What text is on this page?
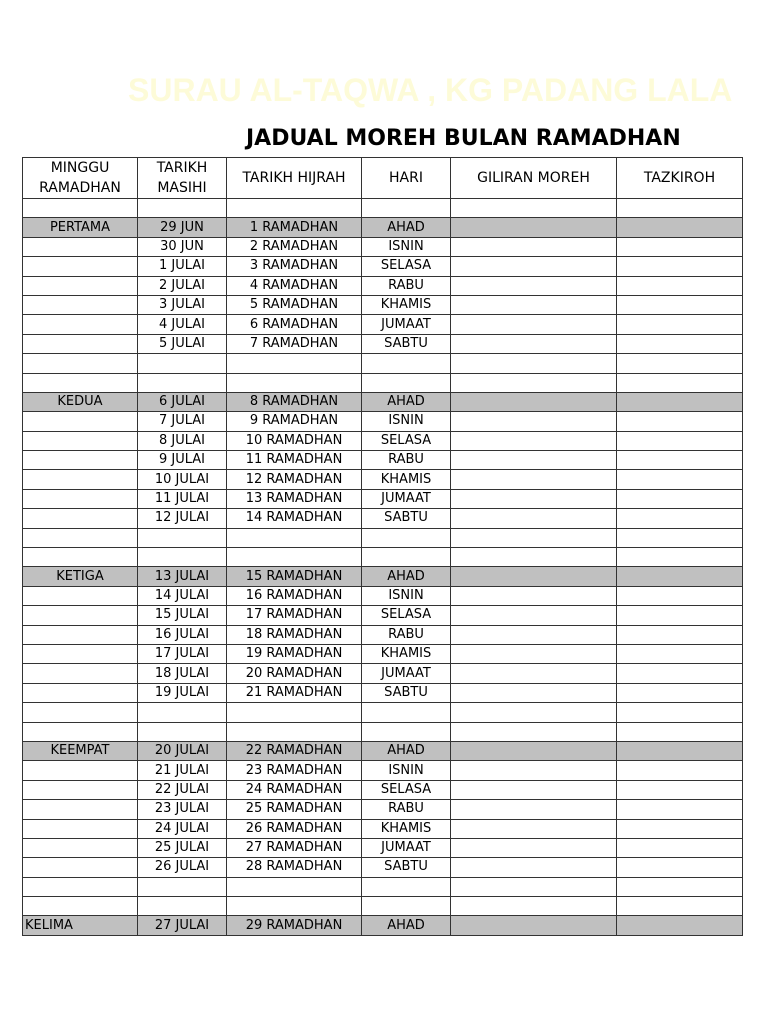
SURAU AL-TAQWA , KG PADANG LALA
JADUAL MOREH BULAN RAMADHAN
MINGGU RAMADHAN	TARIKH MASIHI	TARIKH HIJRAH	HARI	GILIRAN MOREH	TAZKIROH

PERTAMA	29 JUN	1 RAMADHAN	AHAD		
	30 JUN	2 RAMADHAN	ISNIN		
	1 JULAI	3 RAMADHAN	SELASA		
	2 JULAI	4 RAMADHAN	RABU		
	3 JULAI	5 RAMADHAN	KHAMIS		
	4 JULAI	6 RAMADHAN	JUMAAT		
	5 JULAI	7 RAMADHAN	SABTU		

KEDUA	6 JULAI	8 RAMADHAN	AHAD		
	7 JULAI	9 RAMADHAN	ISNIN		
	8 JULAI	10 RAMADHAN	SELASA		
	9 JULAI	11 RAMADHAN	RABU		
	10 JULAI	12 RAMADHAN	KHAMIS		
	11 JULAI	13 RAMADHAN	JUMAAT		
	12 JULAI	14 RAMADHAN	SABTU		

KETIGA	13 JULAI	15 RAMADHAN	AHAD		
	14 JULAI	16 RAMADHAN	ISNIN		
	15 JULAI	17 RAMADHAN	SELASA		
	16 JULAI	18 RAMADHAN	RABU		
	17 JULAI	19 RAMADHAN	KHAMIS		
	18 JULAI	20 RAMADHAN	JUMAAT		
	19 JULAI	21 RAMADHAN	SABTU		

KEEMPAT	20 JULAI	22 RAMADHAN	AHAD		
	21 JULAI	23 RAMADHAN	ISNIN		
	22 JULAI	24 RAMADHAN	SELASA		
	23 JULAI	25 RAMADHAN	RABU		
	24 JULAI	26 RAMADHAN	KHAMIS		
	25 JULAI	27 RAMADHAN	JUMAAT		
	26 JULAI	28 RAMADHAN	SABTU		

KELIMA	27 JULAI	29 RAMADHAN	AHAD		
